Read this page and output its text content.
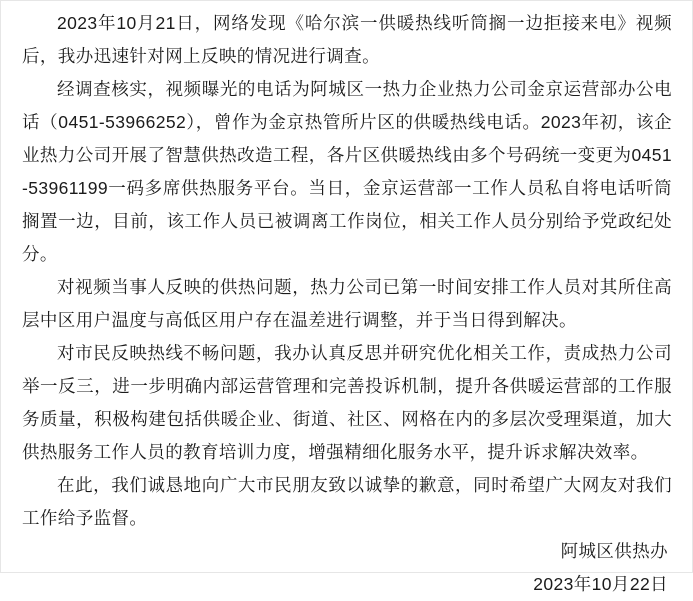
2023年10月21日，网络发现《哈尔滨一供暖热线听筒搁一边拒接来电》视频后，我办迅速针对网上反映的情况进行调查。

经调查核实，视频曝光的电话为阿城区一热力企业热力公司金京运营部办公电话（0451-53966252），曾作为金京热管所片区的供暖热线电话。2023年初，该企业热力公司开展了智慧供热改造工程，各片区供暖热线由多个号码统一变更为0451-53961199一码多席供热服务平台。当日，金京运营部一工作人员私自将电话听筒搁置一边，目前，该工作人员已被调离工作岗位，相关工作人员分别给予党政纪处分。

对视频当事人反映的供热问题，热力公司已第一时间安排工作人员对其所住高层中区用户温度与高低区用户存在温差进行调整，并于当日得到解决。

对市民反映热线不畅问题，我办认真反思并研究优化相关工作，责成热力公司举一反三，进一步明确内部运营管理和完善投诉机制，提升各供暖运营部的工作服务质量，积极构建包括供暖企业、街道、社区、网格在内的多层次受理渠道，加大供热服务工作人员的教育培训力度，增强精细化服务水平，提升诉求解决效率。

在此，我们诚恳地向广大市民朋友致以诚挚的歉意，同时希望广大网友对我们工作给予监督。

阿城区供热办

2023年10月22日
